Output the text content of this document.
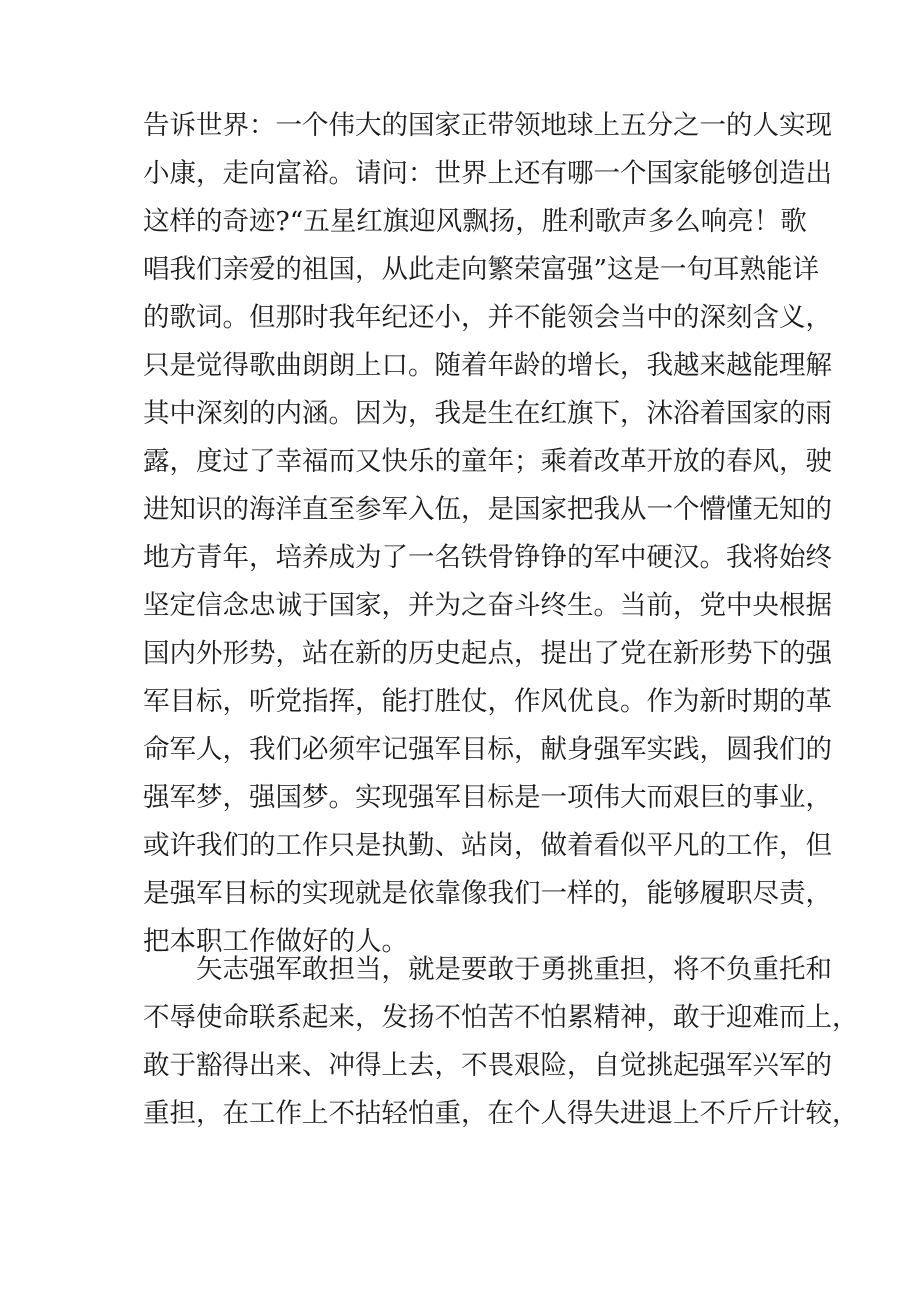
告诉世界：一个伟大的国家正带领地球上五分之一的人实现
小康，走向富裕。请问：世界上还有哪一个国家能够创造出
这样的奇迹?“五星红旗迎风飘扬，胜利歌声多么响亮！歌
唱我们亲爱的祖国，从此走向繁荣富强”这是一句耳熟能详
的歌词。但那时我年纪还小，并不能领会当中的深刻含义，
只是觉得歌曲朗朗上口。随着年龄的增长，我越来越能理解
其中深刻的内涵。因为，我是生在红旗下，沐浴着国家的雨
露，度过了幸福而又快乐的童年；乘着改革开放的春风，驶
进知识的海洋直至参军入伍，是国家把我从一个懵懂无知的
地方青年，培养成为了一名铁骨铮铮的军中硬汉。我将始终
坚定信念忠诚于国家，并为之奋斗终生。当前，党中央根据
国内外形势，站在新的历史起点，提出了党在新形势下的强
军目标，听党指挥，能打胜仗，作风优良。作为新时期的革
命军人，我们必须牢记强军目标，献身强军实践，圆我们的
强军梦，强国梦。实现强军目标是一项伟大而艰巨的事业，
或许我们的工作只是执勤、站岗，做着看似平凡的工作，但
是强军目标的实现就是依靠像我们一样的，能够履职尽责，
把本职工作做好的人。
矢志强军敢担当，就是要敢于勇挑重担，将不负重托和
不辱使命联系起来，发扬不怕苦不怕累精神，敢于迎难而上，
敢于豁得出来、冲得上去，不畏艰险，自觉挑起强军兴军的
重担，在工作上不拈轻怕重，在个人得失进退上不斤斤计较，
